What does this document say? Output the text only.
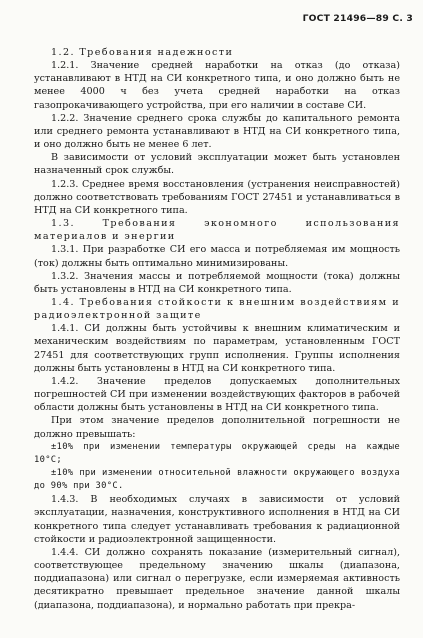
ГОСТ 21496—89 С. 3

1.2. Требования надежности

1.2.1. Значение средней наработки на отказ (до отказа) устанавливают в НТД на СИ конкретного типа, и оно должно быть не менее 4000 ч без учета средней наработки на отказ газопрокачивающего устройства, при его наличии в составе СИ.

1.2.2. Значение среднего срока службы до капитального ремонта или среднего ремонта устанавливают в НТД на СИ конкретного типа, и оно должно быть не менее 6 лет.

В зависимости от условий эксплуатации может быть установлен назначенный срок службы.

1.2.3. Среднее время восстановления (устранения неисправностей) должно соответствовать требованиям ГОСТ 27451 и устанавливаться в НТД на СИ конкретного типа.

1.3. Требования экономного использования материалов и энергии

1.3.1. При разработке СИ его масса и потребляемая им мощность (ток) должны быть оптимально минимизированы.

1.3.2. Значения массы и потребляемой мощности (тока) должны быть установлены в НТД на СИ конкретного типа.

1.4. Требования стойкости к внешним воздействиям и радиоэлектронной защите

1.4.1. СИ должны быть устойчивы к внешним климатическим и механическим воздействиям по параметрам, установленным ГОСТ 27451 для соответствующих групп исполнения. Группы исполнения должны быть установлены в НТД на СИ конкретного типа.

1.4.2. Значение пределов допускаемых дополнительных погрешностей СИ при изменении воздействующих факторов в рабочей области должны быть установлены в НТД на СИ конкретного типа.

При этом значение пределов дополнительной погрешности не должно превышать:

±10% при изменении температуры окружающей среды на каждые 10°С;

±10% при изменении относительной влажности окружающего воздуха до 90% при 30°С.

1.4.3. В необходимых случаях в зависимости от условий эксплуатации, назначения, конструктивного исполнения в НТД на СИ конкретного типа следует устанавливать требования к радиационной стойкости и радиоэлектронной защищенности.

1.4.4. СИ должно сохранять показание (измерительный сигнал), соответствующее предельному значению шкалы (диапазона, поддиапазона) или сигнал о перегрузке, если измеряемая активность десятикратно превышает предельное значение данной шкалы (диапазона, поддиапазона), и нормально работать при прекра-
